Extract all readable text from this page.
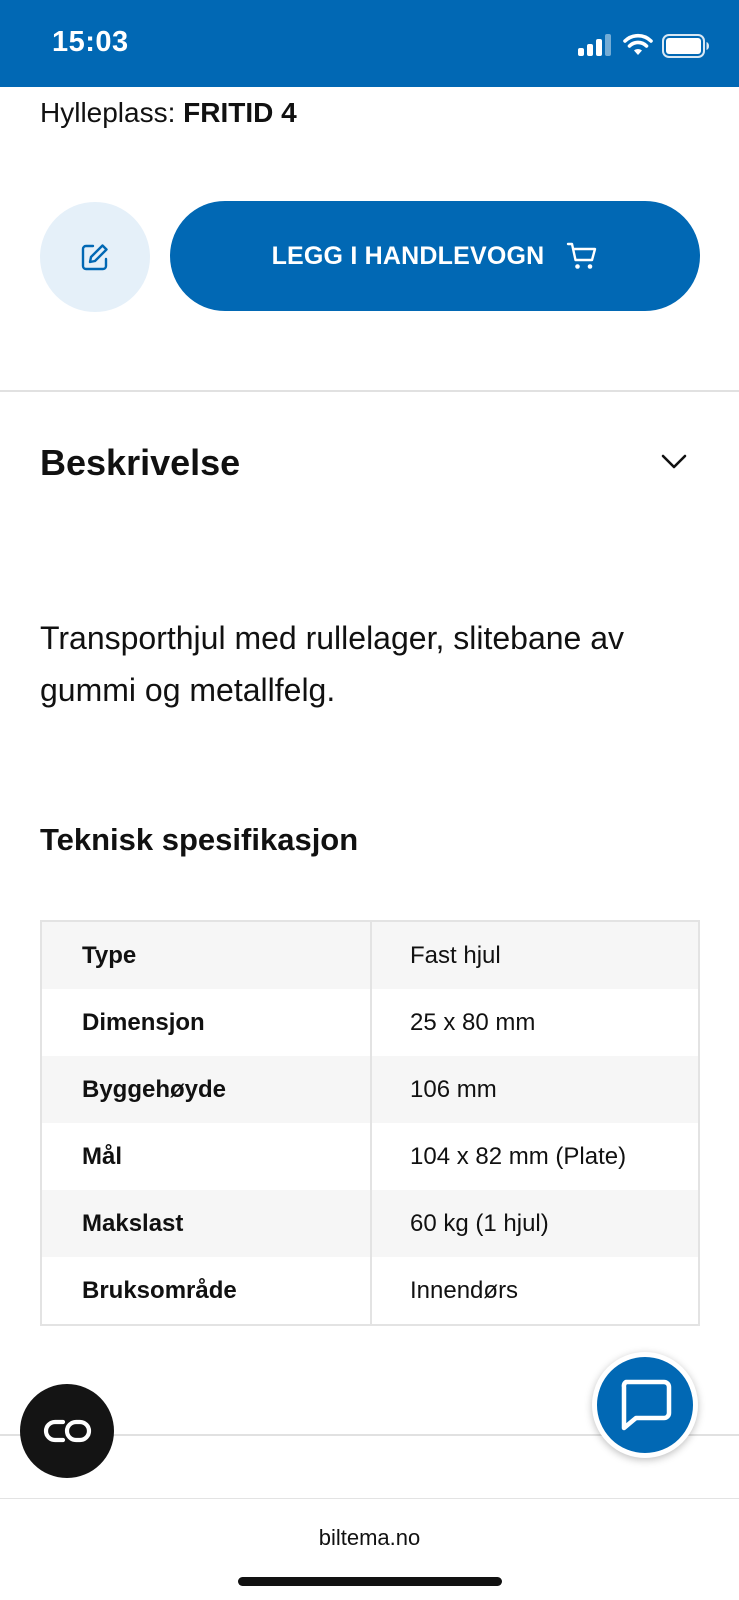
15:03
Hylleplass: FRITID 4
LEGG I HANDLEVOGN
Beskrivelse
Transporthjul med rullelager, slitebane av gummi og metallfelg.
Teknisk spesifikasjon
Type	Fast hjul
Dimensjon	25 x 80 mm
Byggehøyde	106 mm
Mål	104 x 82 mm (Plate)
Makslast	60 kg (1 hjul)
Bruksområde	Innendørs
biltema.no
